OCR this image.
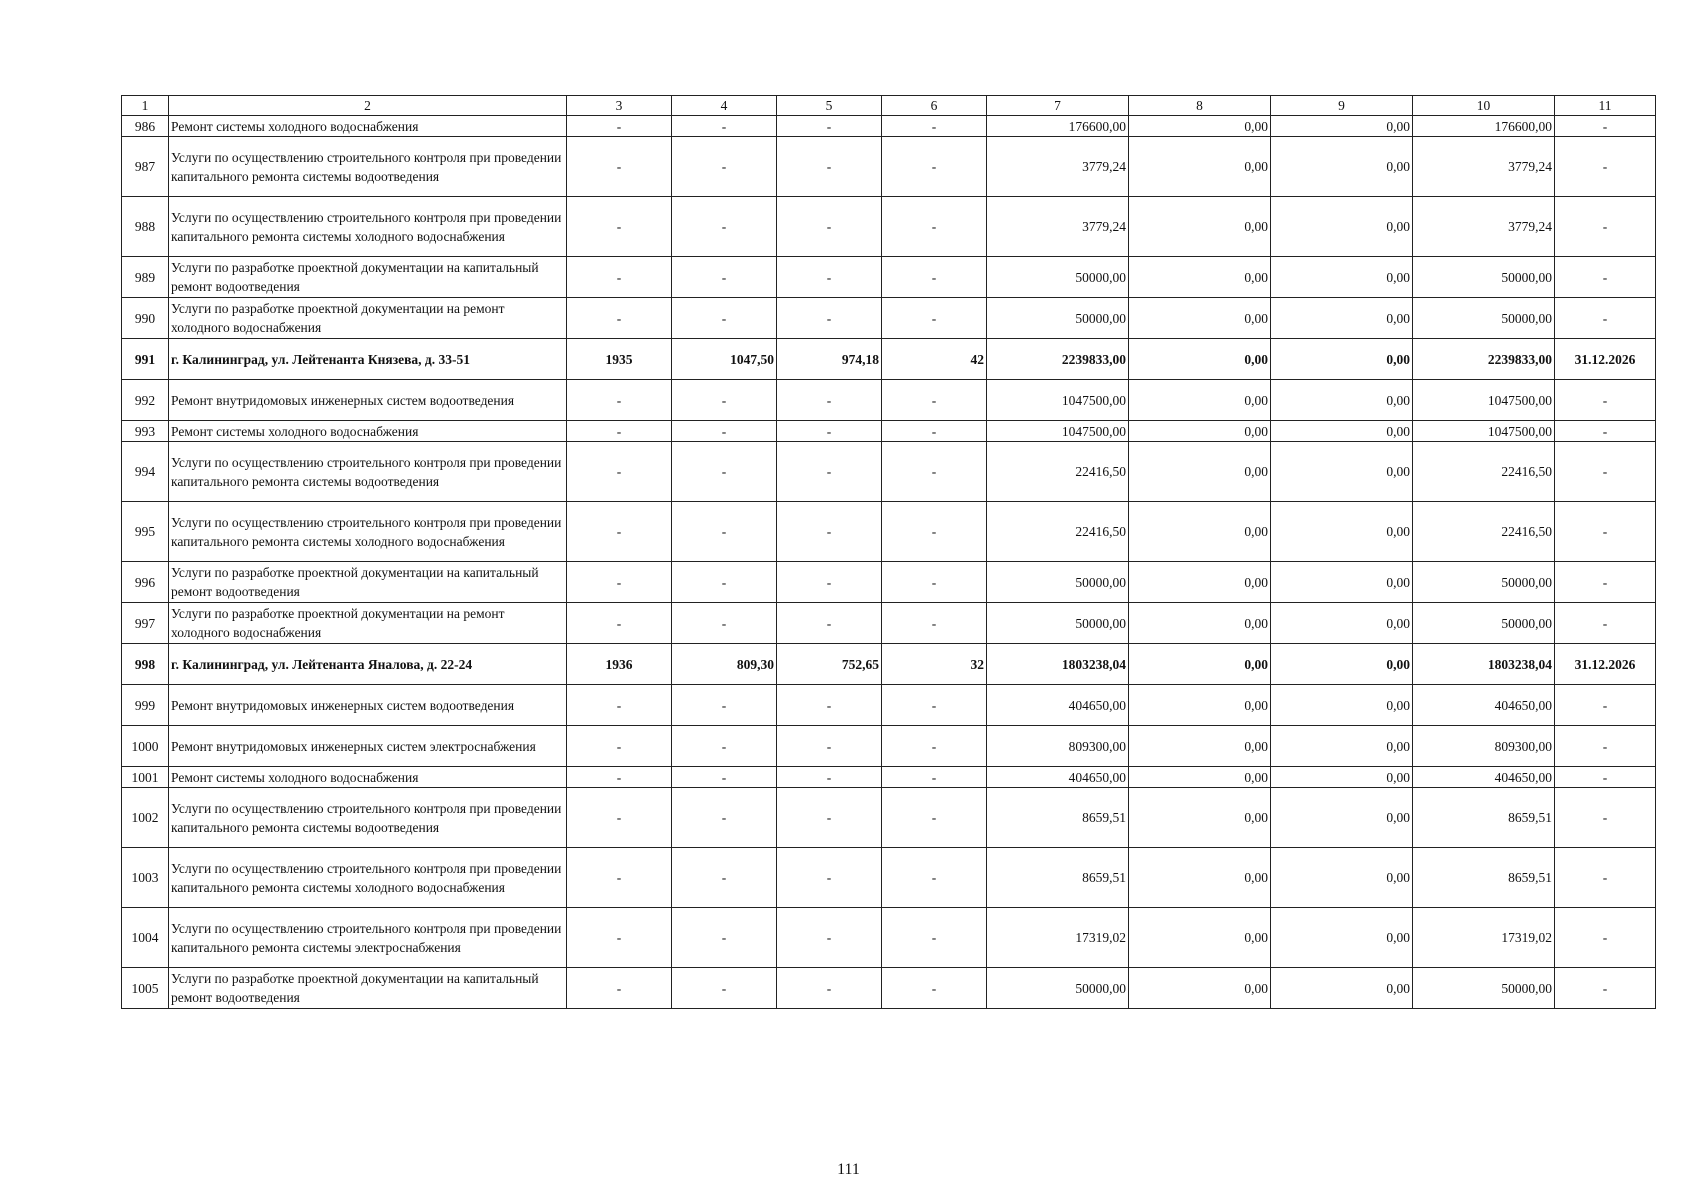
1	2	3	4	5	6	7	8	9	10	11
986	Ремонт системы холодного водоснабжения	-	-	-	-	176600,00	0,00	0,00	176600,00	-
987	Услуги по осуществлению строительного контроля при проведении капитального ремонта системы водоотведения	-	-	-	-	3779,24	0,00	0,00	3779,24	-
988	Услуги по осуществлению строительного контроля при проведении капитального ремонта системы холодного водоснабжения	-	-	-	-	3779,24	0,00	0,00	3779,24	-
989	Услуги по разработке проектной документации на капитальный ремонт водоотведения	-	-	-	-	50000,00	0,00	0,00	50000,00	-
990	Услуги по разработке проектной документации на ремонт холодного водоснабжения	-	-	-	-	50000,00	0,00	0,00	50000,00	-
991	г. Калининград, ул. Лейтенанта Князева, д. 33-51	1935	1047,50	974,18	42	2239833,00	0,00	0,00	2239833,00	31.12.2026
992	Ремонт внутридомовых инженерных систем водоотведения	-	-	-	-	1047500,00	0,00	0,00	1047500,00	-
993	Ремонт системы холодного водоснабжения	-	-	-	-	1047500,00	0,00	0,00	1047500,00	-
994	Услуги по осуществлению строительного контроля при проведении капитального ремонта системы водоотведения	-	-	-	-	22416,50	0,00	0,00	22416,50	-
995	Услуги по осуществлению строительного контроля при проведении капитального ремонта системы холодного водоснабжения	-	-	-	-	22416,50	0,00	0,00	22416,50	-
996	Услуги по разработке проектной документации на капитальный ремонт водоотведения	-	-	-	-	50000,00	0,00	0,00	50000,00	-
997	Услуги по разработке проектной документации на ремонт холодного водоснабжения	-	-	-	-	50000,00	0,00	0,00	50000,00	-
998	г. Калининград, ул. Лейтенанта Яналова, д. 22-24	1936	809,30	752,65	32	1803238,04	0,00	0,00	1803238,04	31.12.2026
999	Ремонт внутридомовых инженерных систем водоотведения	-	-	-	-	404650,00	0,00	0,00	404650,00	-
1000	Ремонт внутридомовых инженерных систем электроснабжения	-	-	-	-	809300,00	0,00	0,00	809300,00	-
1001	Ремонт системы холодного водоснабжения	-	-	-	-	404650,00	0,00	0,00	404650,00	-
1002	Услуги по осуществлению строительного контроля при проведении капитального ремонта системы водоотведения	-	-	-	-	8659,51	0,00	0,00	8659,51	-
1003	Услуги по осуществлению строительного контроля при проведении капитального ремонта системы холодного водоснабжения	-	-	-	-	8659,51	0,00	0,00	8659,51	-
1004	Услуги по осуществлению строительного контроля при проведении капитального ремонта системы электроснабжения	-	-	-	-	17319,02	0,00	0,00	17319,02	-
1005	Услуги по разработке проектной документации на капитальный ремонт водоотведения	-	-	-	-	50000,00	0,00	0,00	50000,00	-
111
